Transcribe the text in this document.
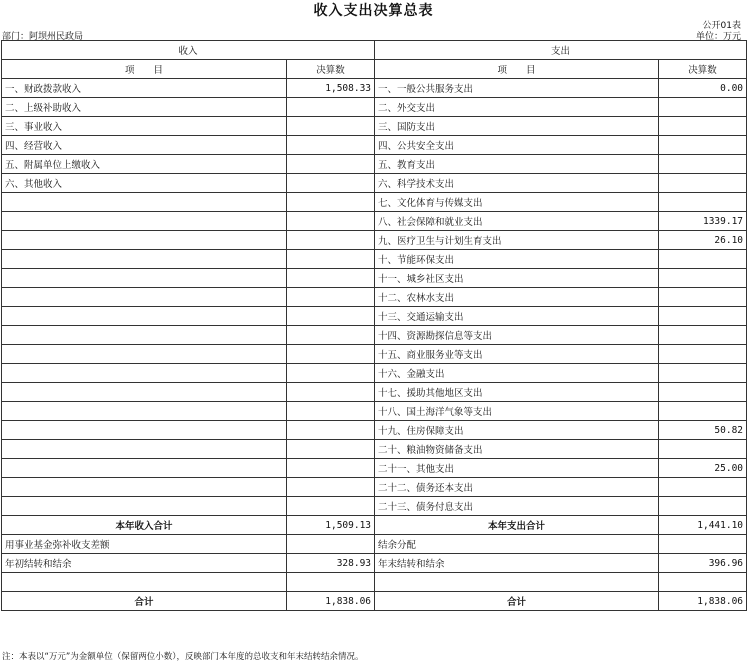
收入支出决算总表
公开01表
部门：阿坝州民政局	单位：万元
收入		支出	
项　　目	决算数	项　　目	决算数
一、财政拨款收入	1,508.33	一、一般公共服务支出	0.00
二、上级补助收入		二、外交支出	
三、事业收入		三、国防支出	
四、经营收入		四、公共安全支出	
五、附属单位上缴收入		五、教育支出	
六、其他收入		六、科学技术支出	
		七、文化体育与传媒支出	
		八、社会保障和就业支出	1339.17
		九、医疗卫生与计划生育支出	26.10
		十、节能环保支出	
		十一、城乡社区支出	
		十二、农林水支出	
		十三、交通运输支出	
		十四、资源勘探信息等支出	
		十五、商业服务业等支出	
		十六、金融支出	
		十七、援助其他地区支出	
		十八、国土海洋气象等支出	
		十九、住房保障支出	50.82
		二十、粮油物资储备支出	
		二十一、其他支出	25.00
		二十二、债务还本支出	
		二十三、债务付息支出	
本年收入合计	1,509.13	本年支出合计	1,441.10
用事业基金弥补收支差额		结余分配	
年初结转和结余	328.93	年末结转和结余	396.96

合计	1,838.06	合计	1,838.06
注：本表以“万元”为金额单位（保留两位小数），反映部门本年度的总收支和年末结转结余情况。
